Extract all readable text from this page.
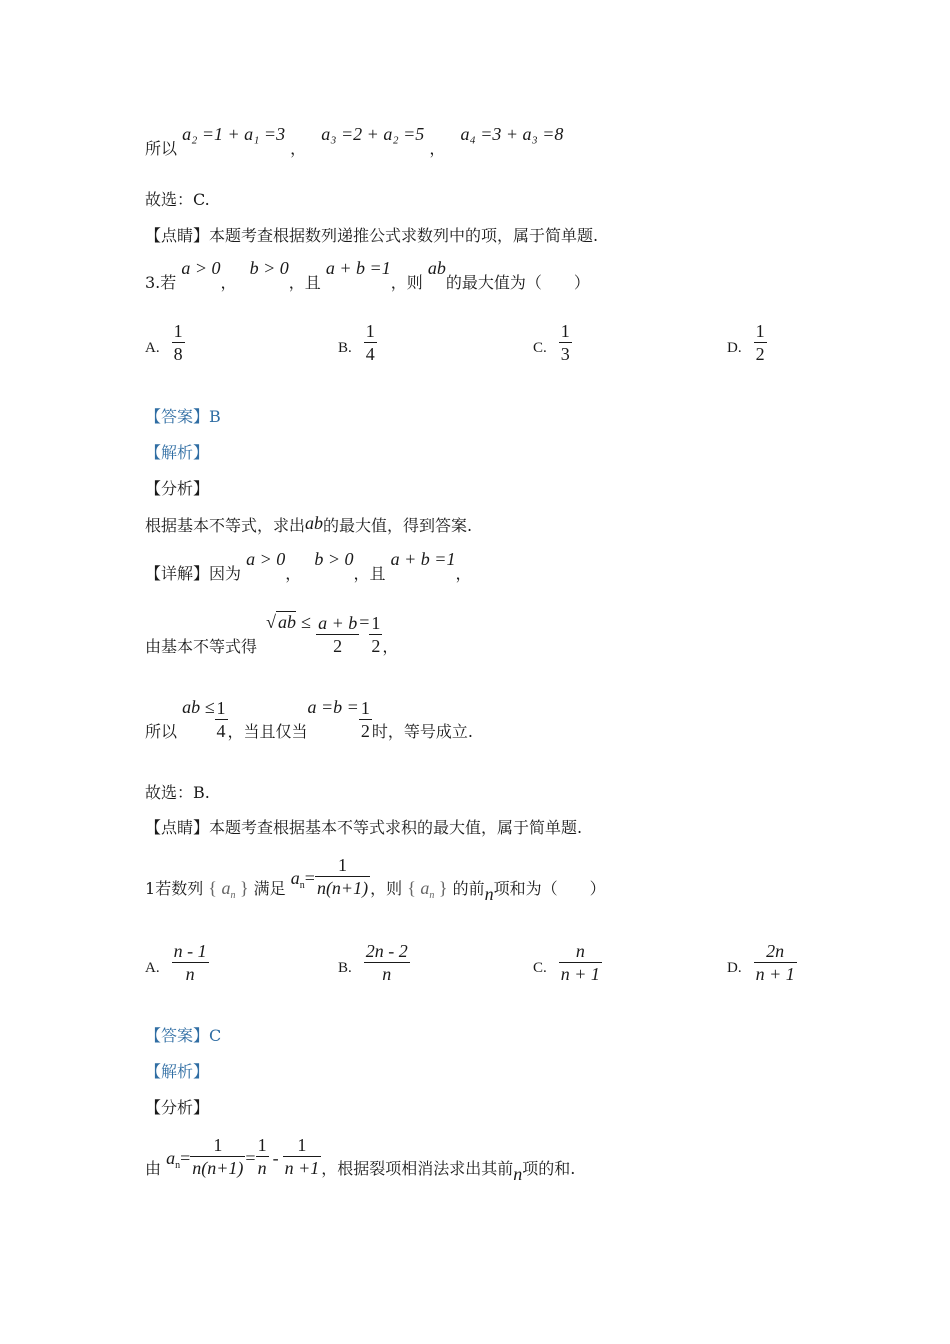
所以 a₂ =1 + a₁ =3 ， a₃ =2 + a₂ =5 ， a₄ =3 + a₃ =8
故选：C.
【点睛】本题考查根据数列递推公式求数列中的项，属于简单题.
3.若 a > 0， b > 0，且 a + b =1，则 ab的最大值为（　　）
A. $\frac{1}{8}$	B. $\frac{1}{4}$	C. $\frac{1}{3}$	D. $\frac{1}{2}$
【答案】B
【解析】
【分析】
根据基本不等式，求出ab的最大值，得到答案.
【详解】因为 a > 0， b > 0，且 a + b =1，
由基本不等式得 √ ab ≤ $\frac{a + b}{2} = \frac{1}{2}$ ，
所以 ab ≤ $\frac{1}{4}$ ，当且仅当$a =b = \frac{1}{2}$ 时，等号成立.
故选：B.
【点睛】本题考查根据基本不等式求积的最大值，属于简单题.
1若数列 { $a_n$ } 满足 $a_n= \frac{1}{n(n+1)}$ ，则 { $a_n$ } 的前n项和为（　　）
A. $\frac{n - 1}{n}$	B. $\frac{2n - 2}{n}$	C. $\frac{n}{n + 1}$	D. $\frac{2n}{n + 1}$
【答案】C
【解析】
【分析】
由 $a_n= \frac{1}{n(n+1)} = \frac{1}{n} - \frac{1}{n +1}$ ，根据裂项相消法求出其前n项的和.
